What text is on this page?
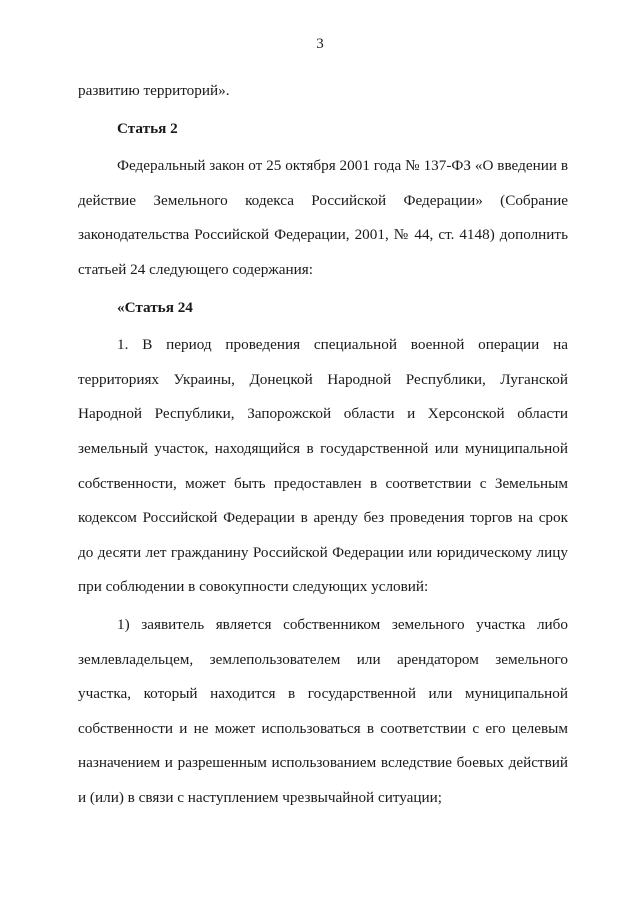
3

развитию территорий».

Статья 2

Федеральный закон от 25 октября 2001 года № 137-ФЗ «О введении в действие Земельного кодекса Российской Федерации» (Собрание законодательства Российской Федерации, 2001, № 44, ст. 4148) дополнить статьей 24 следующего содержания:

«Статья 24

1. В период проведения специальной военной операции на территориях Украины, Донецкой Народной Республики, Луганской Народной Республики, Запорожской области и Херсонской области земельный участок, находящийся в государственной или муниципальной собственности, может быть предоставлен в соответствии с Земельным кодексом Российской Федерации в аренду без проведения торгов на срок до десяти лет гражданину Российской Федерации или юридическому лицу при соблюдении в совокупности следующих условий:

1) заявитель является собственником земельного участка либо землевладельцем, землепользователем или арендатором земельного участка, который находится в государственной или муниципальной собственности и не может использоваться в соответствии с его целевым назначением и разрешенным использованием вследствие боевых действий и (или) в связи с наступлением чрезвычайной ситуации;
